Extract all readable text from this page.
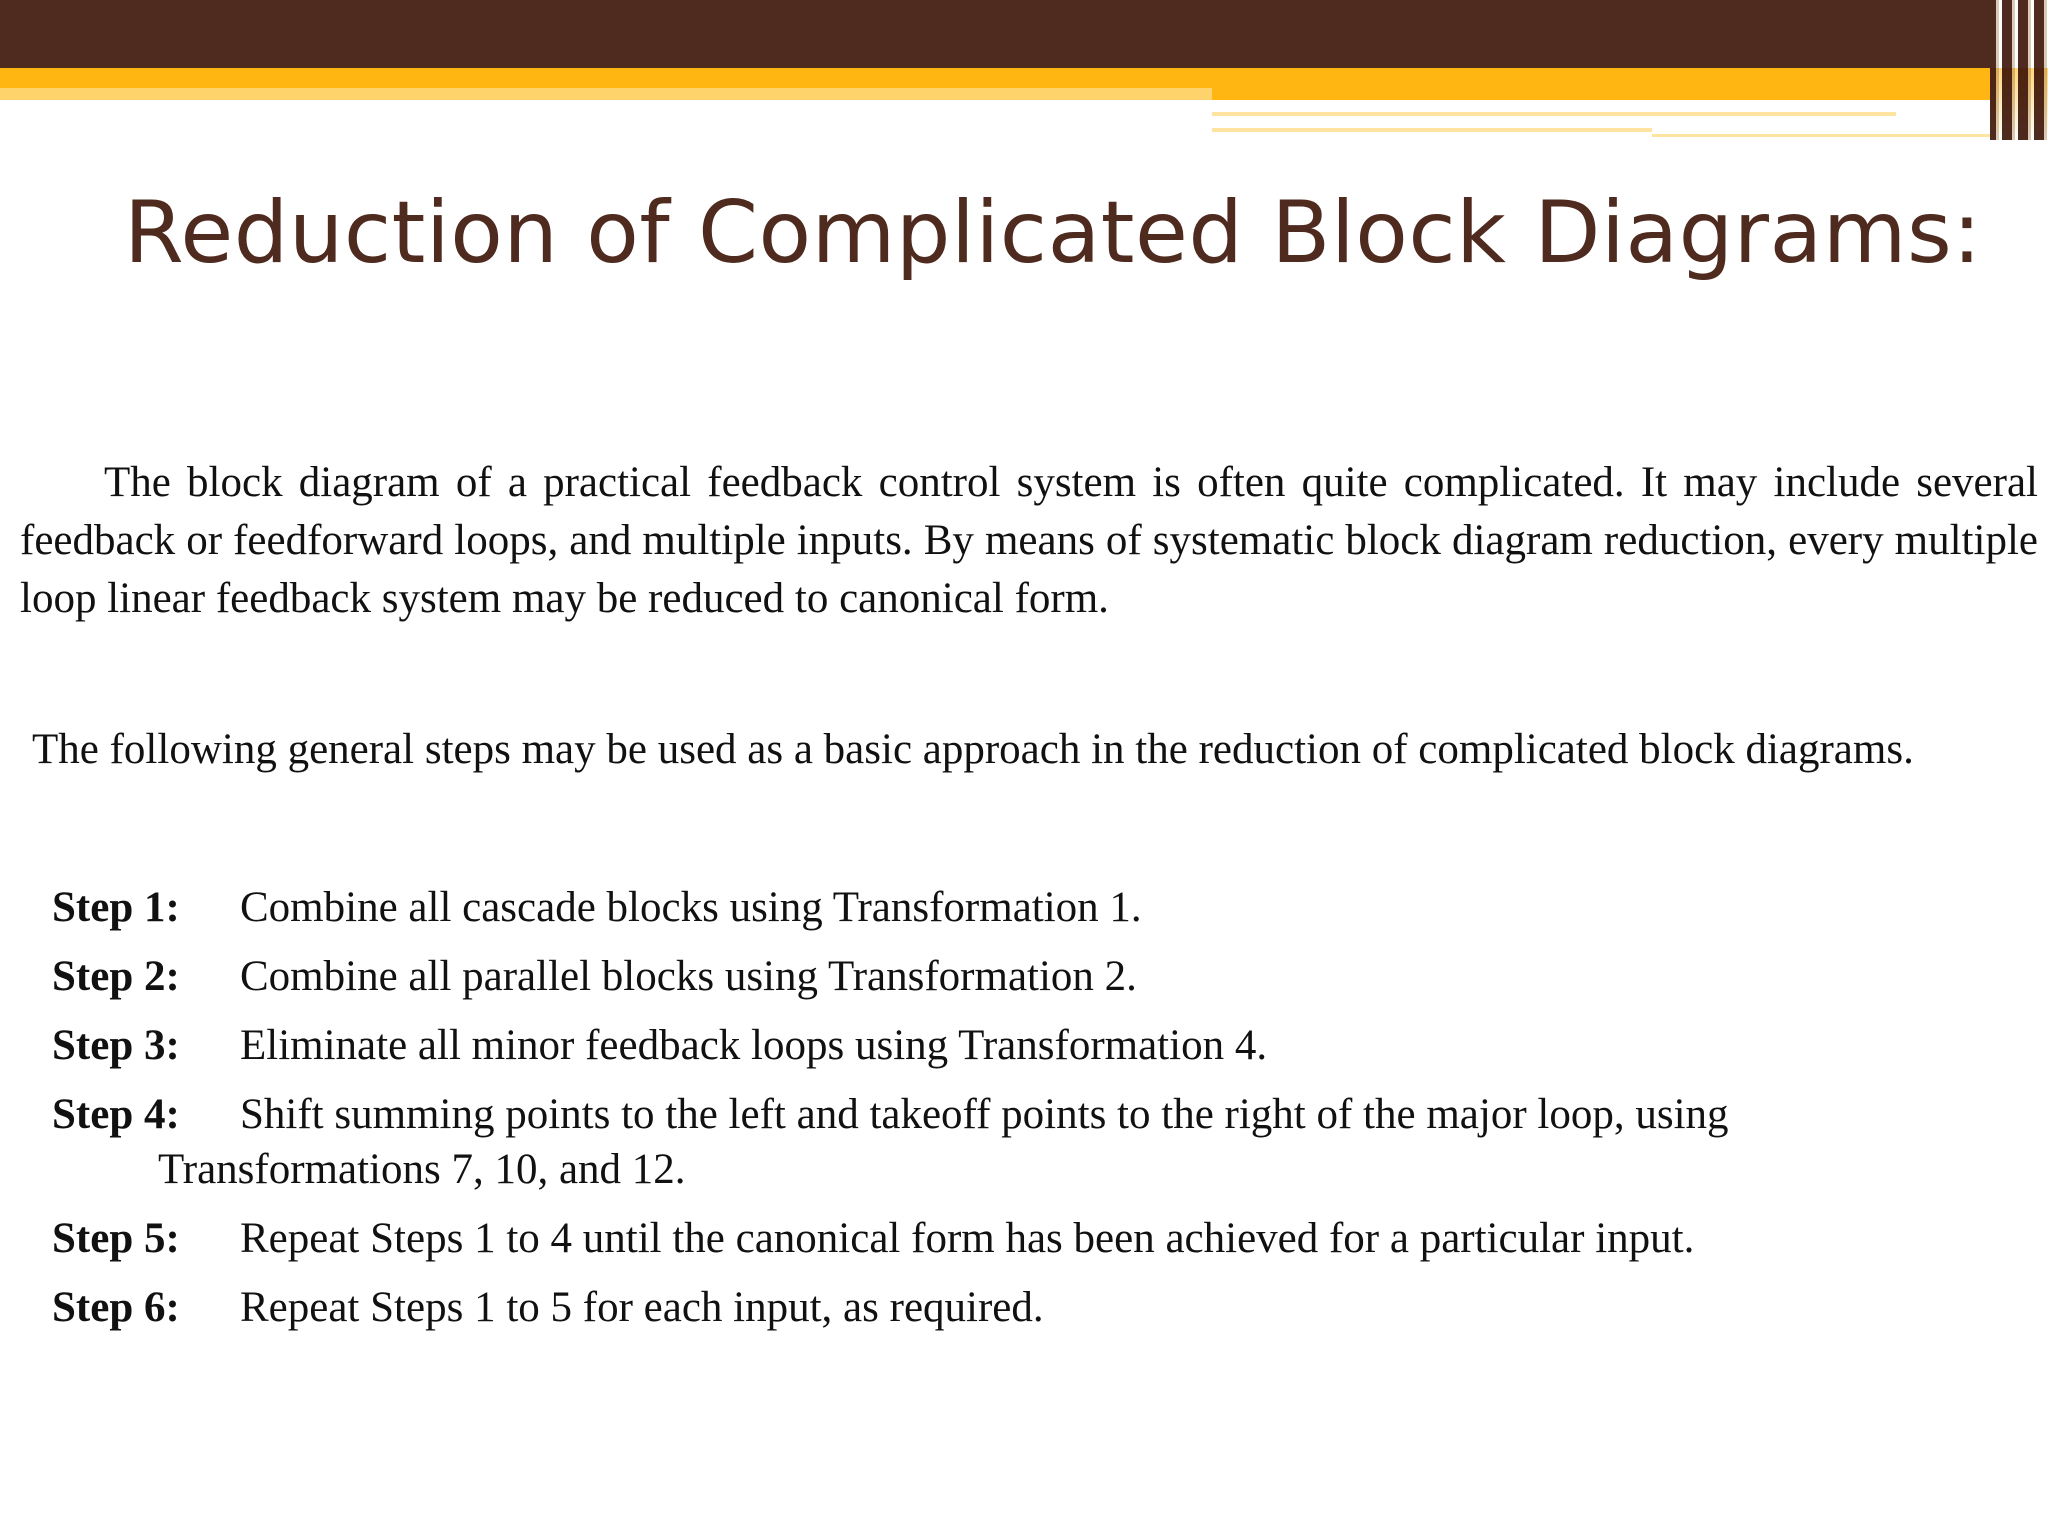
Reduction of Complicated Block Diagrams:

The block diagram of a practical feedback control system is often quite complicated. It may include several feedback or feedforward loops, and multiple inputs. By means of systematic block diagram reduction, every multiple loop linear feedback system may be reduced to canonical form.

The following general steps may be used as a basic approach in the reduction of complicated block diagrams.

Step 1: Combine all cascade blocks using Transformation 1.
Step 2: Combine all parallel blocks using Transformation 2.
Step 3: Eliminate all minor feedback loops using Transformation 4.
Step 4: Shift summing points to the left and takeoff points to the right of the major loop, using
Transformations 7, 10, and 12.
Step 5: Repeat Steps 1 to 4 until the canonical form has been achieved for a particular input.
Step 6: Repeat Steps 1 to 5 for each input, as required.
